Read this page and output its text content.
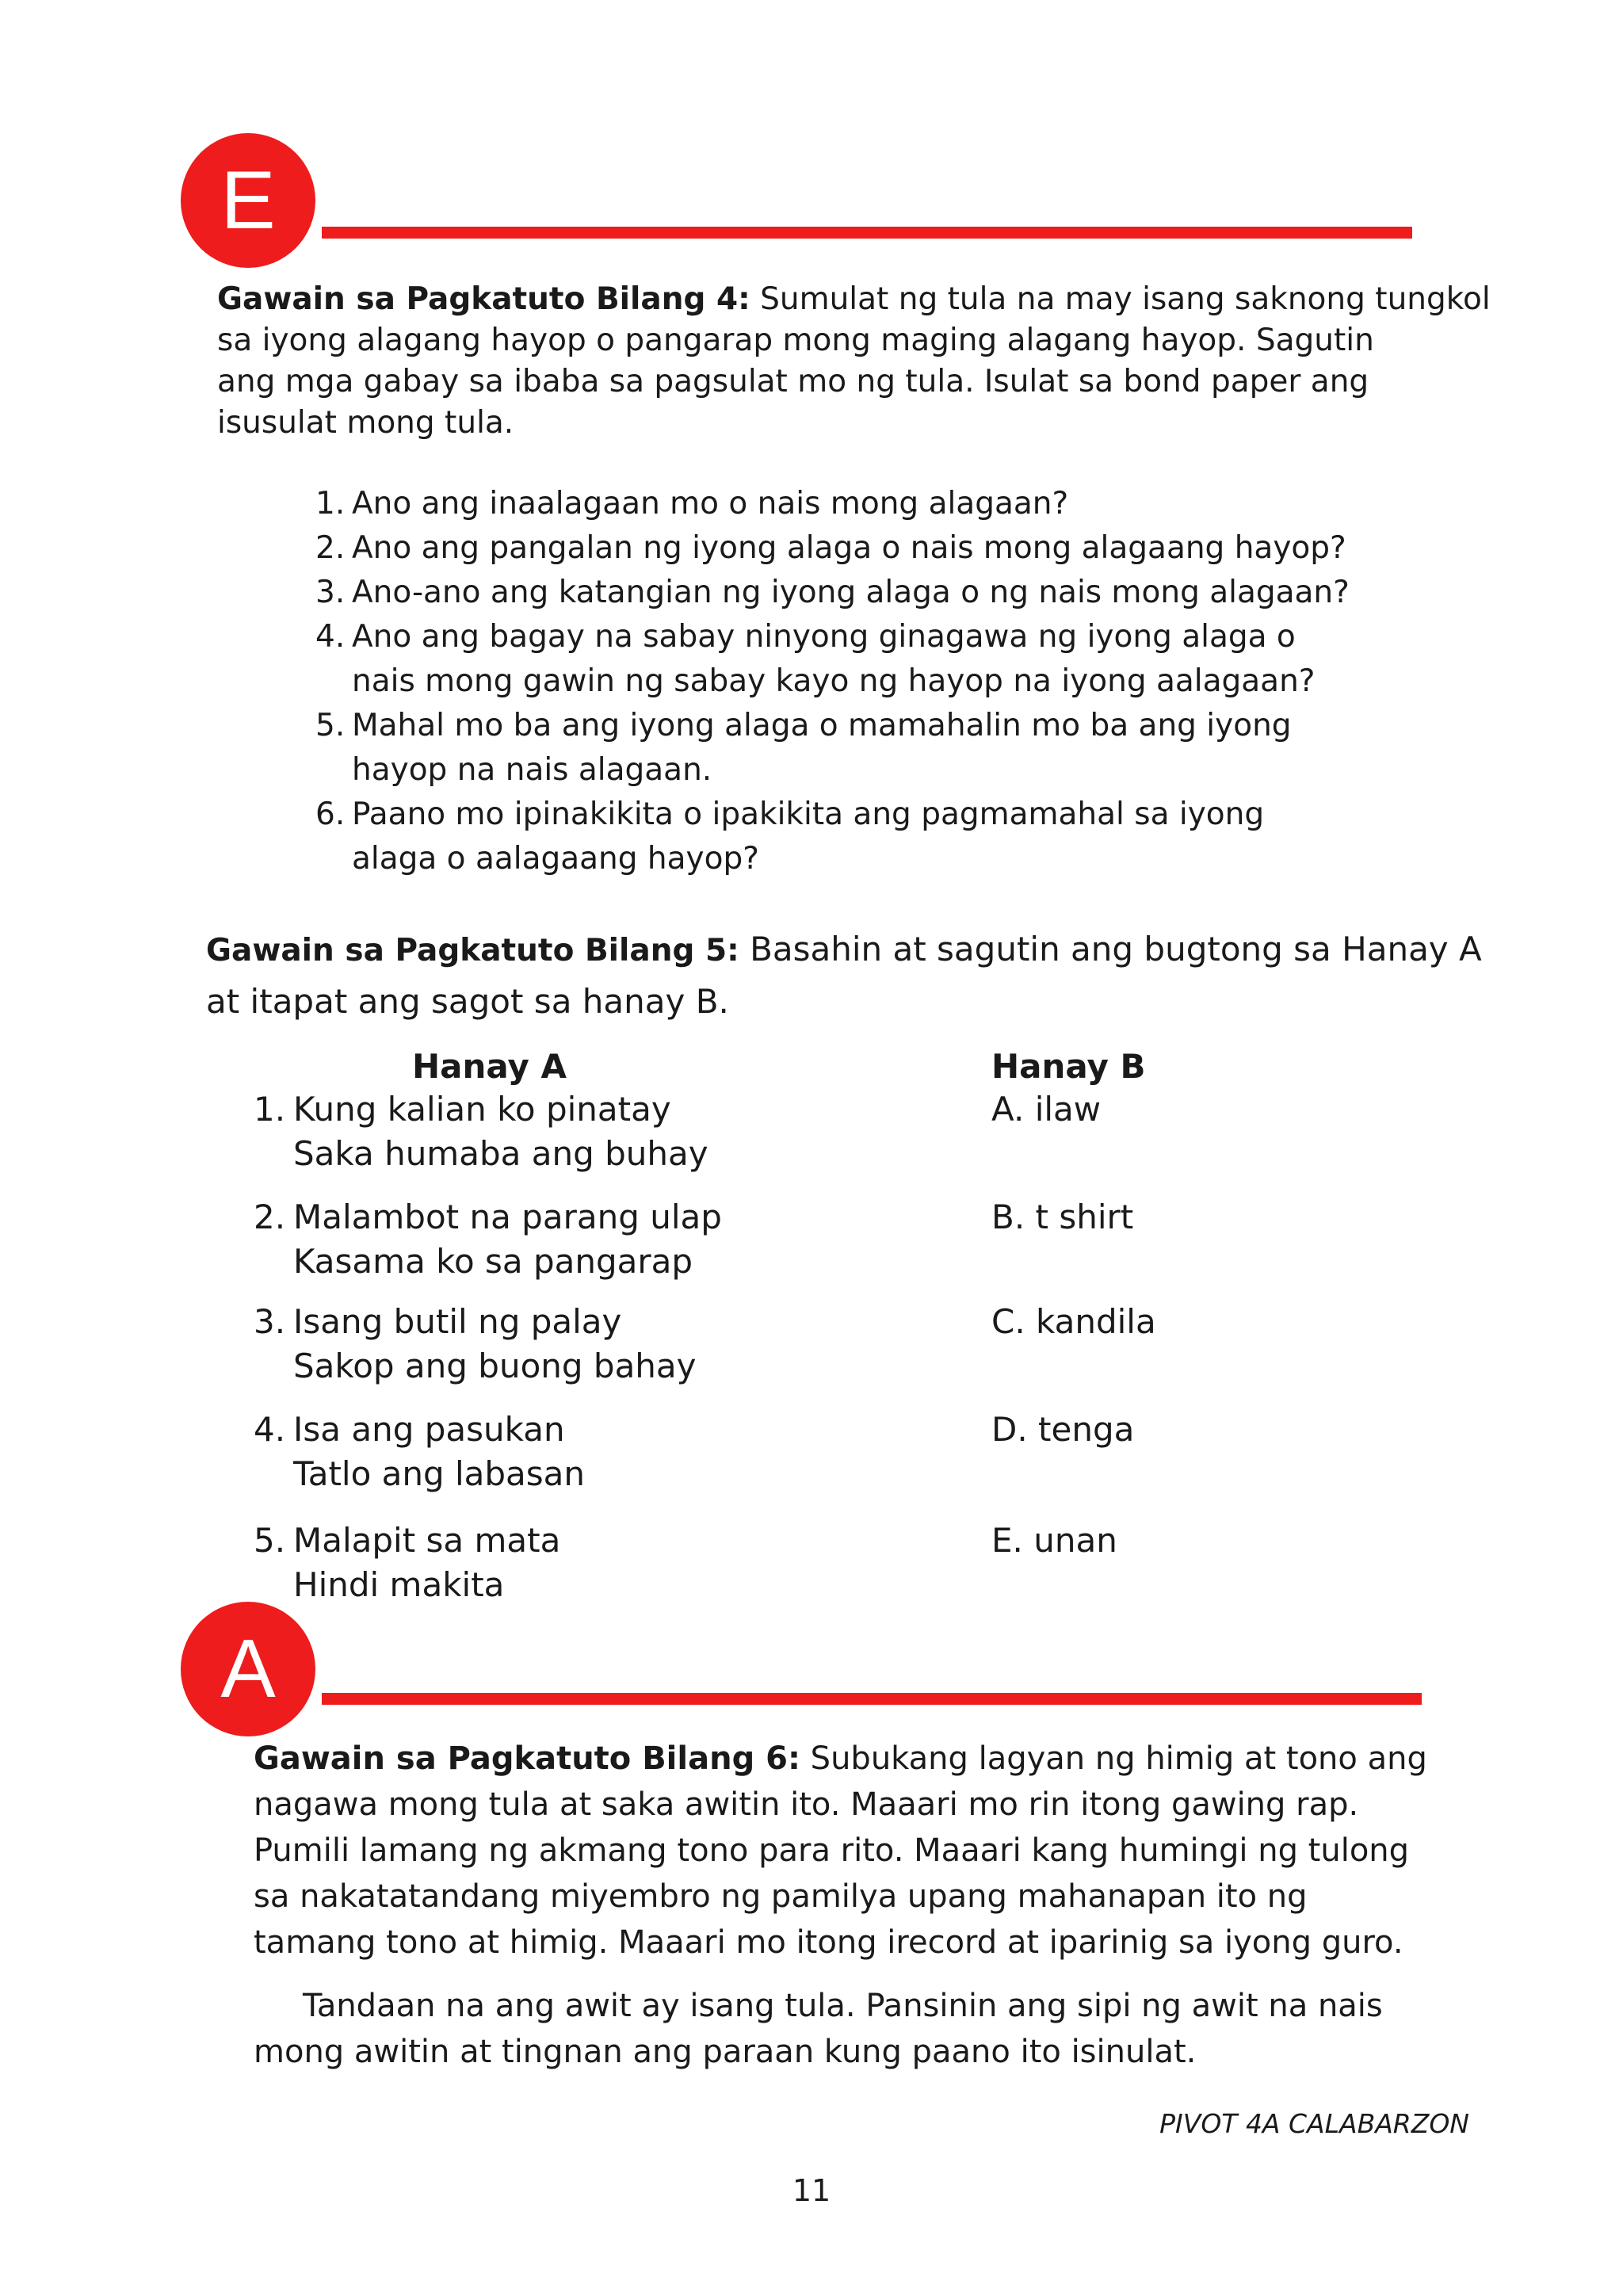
E
Gawain sa Pagkatuto Bilang 4: Sumulat ng tula na may isang saknong tungkol
sa iyong alagang hayop o pangarap mong maging alagang hayop. Sagutin
ang mga gabay sa ibaba sa pagsulat mo ng tula. Isulat sa bond paper ang
isusulat mong tula.
1. Ano ang inaalagaan mo o nais mong alagaan?
2. Ano ang pangalan ng iyong alaga o nais mong alagaang hayop?
3. Ano-ano ang katangian ng iyong alaga o ng nais mong alagaan?
4. Ano ang bagay na sabay ninyong ginagawa ng iyong alaga o
nais mong gawin ng sabay kayo ng hayop na iyong aalagaan?
5. Mahal mo ba ang iyong alaga o mamahalin mo ba ang iyong
hayop na nais alagaan.
6. Paano mo ipinakikita o ipakikita ang pagmamahal sa iyong
alaga o aalagaang hayop?
Gawain sa Pagkatuto Bilang 5: Basahin at sagutin ang bugtong sa Hanay A
at itapat ang sagot sa hanay B.
Hanay A	Hanay B
1. Kung kalian ko pinatay
Saka humaba ang buhay
2. Malambot na parang ulap
Kasama ko sa pangarap
3. Isang butil ng palay
Sakop ang buong bahay
4. Isa ang pasukan
Tatlo ang labasan
5. Malapit sa mata
Hindi makita
A. ilaw
B. t shirt
C. kandila
D. tenga
E. unan
A
Gawain sa Pagkatuto Bilang 6: Subukang lagyan ng himig at tono ang
nagawa mong tula at saka awitin ito. Maaari mo rin itong gawing rap.
Pumili lamang ng akmang tono para rito. Maaari kang humingi ng tulong
sa nakatatandang miyembro ng pamilya upang mahanapan ito ng
tamang tono at himig. Maaari mo itong irecord at iparinig sa iyong guro.
Tandaan na ang awit ay isang tula. Pansinin ang sipi ng awit na nais
mong awitin at tingnan ang paraan kung paano ito isinulat.
PIVOT 4A CALABARZON
11
